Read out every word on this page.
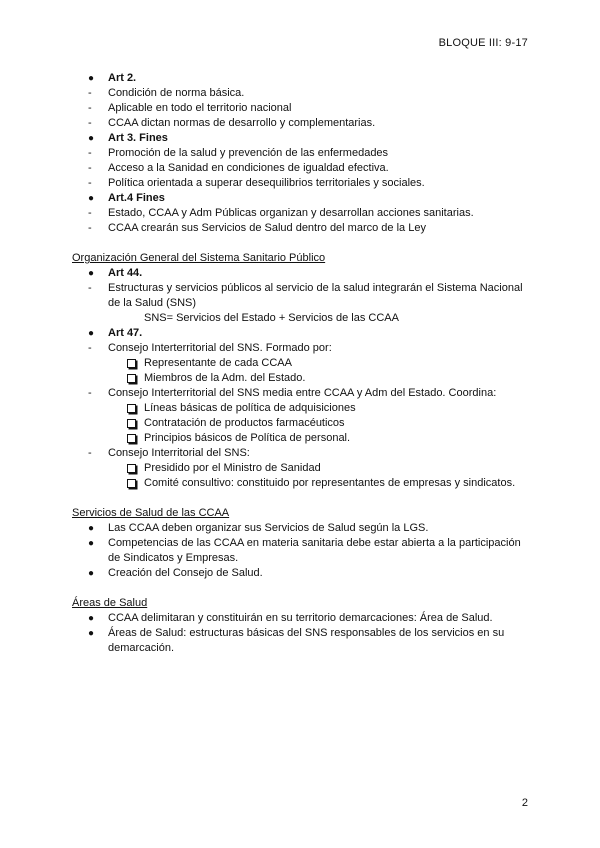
BLOQUE III: 9-17
●	Art 2.
-	Condición de norma básica.
-	Aplicable en todo el territorio nacional
-	CCAA dictan normas de desarrollo y complementarias.
●	Art 3. Fines
-	Promoción de la salud y prevención de las enfermedades
-	Acceso a la Sanidad en condiciones de igualdad efectiva.
-	Política orientada a superar desequilibrios territoriales y sociales.
●	Art.4 Fines
-	Estado, CCAA y Adm Públicas organizan y desarrollan acciones sanitarias.
-	CCAA crearán sus Servicios de Salud dentro del marco de la Ley
Organización General del Sistema Sanitario Público
●	Art 44.
-	Estructuras y servicios públicos al servicio de la salud integrarán el Sistema Nacional
de la Salud (SNS)
SNS= Servicios del Estado + Servicios de las CCAA
●	Art 47.
-	Consejo Interterritorial del SNS. Formado por:
Representante de cada CCAA
Miembros de la Adm. del Estado.
-	Consejo Interterritorial del SNS media entre CCAA y Adm del Estado. Coordina:
Líneas básicas de política de adquisiciones
Contratación de productos farmacéuticos
Principios básicos de Política de personal.
-	Consejo Interritorial del SNS:
Presidido por el Ministro de Sanidad
Comité consultivo: constituido por representantes de empresas y sindicatos.
Servicios de Salud de las CCAA
●	Las CCAA deben organizar sus Servicios de Salud según la LGS.
●	Competencias de las CCAA en materia sanitaria debe estar abierta a la participación
de Sindicatos y Empresas.
●	Creación del Consejo de Salud.
Áreas de Salud
●	CCAA delimitaran y constituirán en su territorio demarcaciones: Área de Salud.
●	Áreas de Salud: estructuras básicas del SNS responsables de los servicios en su
demarcación.
2
